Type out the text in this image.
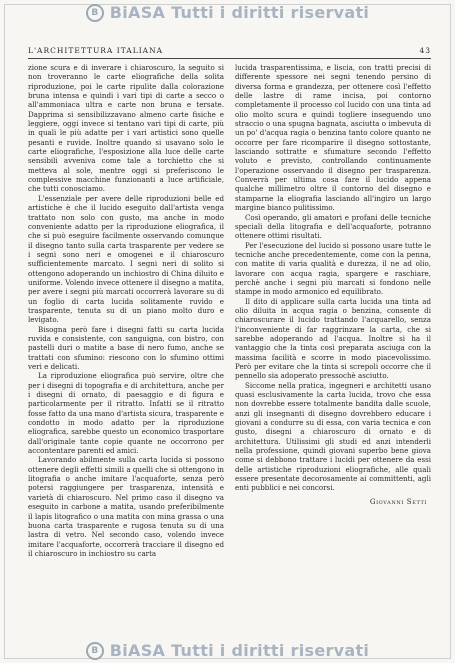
B BiASA Tutti i diritti riservati
L'ARCHITETTURA ITALIANA	43

zione scura e di inverare i chiaroscuro, la seguito si non troveranno le carte eliografiche della solita riproduzione, poi le carte ripulite dalla colorazione bruna intensa e quindi i vari tipi di carte a secco o all'ammoniaca ultra e carte non bruna e tersate. Dapprima si sensibilizzavano almeno carte fisiche e leggiere, oggi invece si tentano vari tipi di carte, più in quali le più adatte per i vari artistici sono quelle pesanti e ruvide. Inoltre quando si usavano solo le carte eliografiche, l'esposizione alla luce delle carte sensibili avveniva come tale a torchietto che si metteva al sole, mentre oggi si preferiscono le complessive macchine funzionanti a luce artificiale, che tutti conosciamo.

L'essenziale per avere delle riproduzioni belle ed artistiche è che il lucido eseguito dall'artista venga trattato non solo con gusto, ma anche in modo conveniente adatto per la riproduzione eliografica, il che si può eseguire facilmente osservando comunque il disegno tanto sulla carta trasparente per vedere se i segni sono neri e omogenei e il chiaroscuro sufficientemente marcato. I segni neri di solito si ottengono adoperando un inchiostro di China diluito e uniforme. Volendo invece ottenere il disegno a matita, per avere i segni più marcati occorrerà lavorare su di un foglio di carta lucida solitamente ruvido e trasparente, tenuta su di un piano molto duro e levigato.

Bisogna però fare i disegni fatti su carta lucida ruvida e consistente, con sanguigna, con bistro, con pastelli duri o matite a base di nero fumo, anche se trattati con sfumino: riescono con lo sfumino ottimi veri e delicati.

La riproduzione eliografica può servire, oltre che per i disegni di topografia e di architettura, anche per i disegni di ornato, di paesaggio e di figura e particolarmente per il ritratto. Infatti se il ritratto fosse fatto da una mano d'artista sicura, trasparente e condotto in modo adatto per la riproduzione eliografica, sarebbe questo un economico trasportare dall'originale tante copie quante ne occorrono per accontentare parenti ed amici.

Lavorando abilmente sulla carta lucida si possono ottenere degli effetti simili a quelli che si ottengono in litografia o anche imitare l'acquaforte, senza però potersi raggiungere per trasparenza, intensità e varietà di chiaroscuro. Nel primo caso il disegno va eseguito in carbone a matita, usando preferibilmente il lapis litografico o una matita con mina grassa o una buona carta trasparente e rugosa tenuta su di una lastra di vetro. Nel secondo caso, volendo invece imitare l'acquaforte, occorrerà tracciare il disegno ed il chiaroscuro in inchiostro su carta

lucida trasparentissima, e liscia, con tratti precisi di differente spessore nei segni tenendo persino di diversa forma e grandezza, per ottenere così l'effetto delle lastre di rame incisa, poi contorno completamente il processo col lucido con una tinta ad olio molto scura e quindi togliere inseguendo uno straccio o una spugna bagnata, asciutta o imbevuta di un po' d'acqua ragia o benzina tanto colore quanto ne occorre per fare ricomparire il disegno sottostante, lasciando sottratte e sfumature secondo l'effetto voluto e previsto, controllando continuamente l'operazione osservando il disegno per trasparenza. Converrà per ultima cosa fare il lucido appena qualche millimetro oltre il contorno del disegno e stamparne la eliografia lasciando all'ingiro un largo margine bianco pulitissimo.

Così operando, gli amatori e profani delle tecniche speciali della litografia e dell'acquaforte, potranno ottenere ottimi risultati.

Per l'esecuzione del lucido si possono usare tutte le tecniche anche precedentemente, come con la penna, con matite di varia qualità e durezza, il ne ad olio, lavorare con acqua ragia, spargere e raschiare, perchè anche i segni più marcati si fondono nelle stampe in modo armonico ed equilibrato.

Il dito di applicare sulla carta lucida una tinta ad olio diluita in acqua ragia o benzina, consente di chiaroscurare il lucido trattando l'acquarello, senza l'inconveniente di far raggrinzare la carta, che si sarebbe adoperando ad l'acqua. Inoltre si ha il vantaggio che la tinta così preparata asciuga con la massima facilità e scorre in modo piacevolissimo. Però per evitare che la tinta si screpoli occorre che il pennello sia adoperato pressochè asciutto.

Siccome nella pratica, ingegneri e architetti usano quasi esclusivamente la carta lucida, trovo che essa non dovrebbe essere totalmente bandita dalle scuole, anzi gli insegnanti di disegno dovrebbero educare i giovani a condurre su di essa, con varia tecnica e con gusto, disegni a chiaroscuro di ornato e di architettura. Utilissimi gli studi ed anzi intenderli nella professione, quindi giovani superbo bene giova come si debbono trattare i lucidi per ottenere da essi delle artistiche riproduzioni eliografiche, alle quali essere presentate decorosamente ai committenti, agli enti pubblici e nei concorsi.

Giovanni Setti
B BiASA Tutti i diritti riservati
